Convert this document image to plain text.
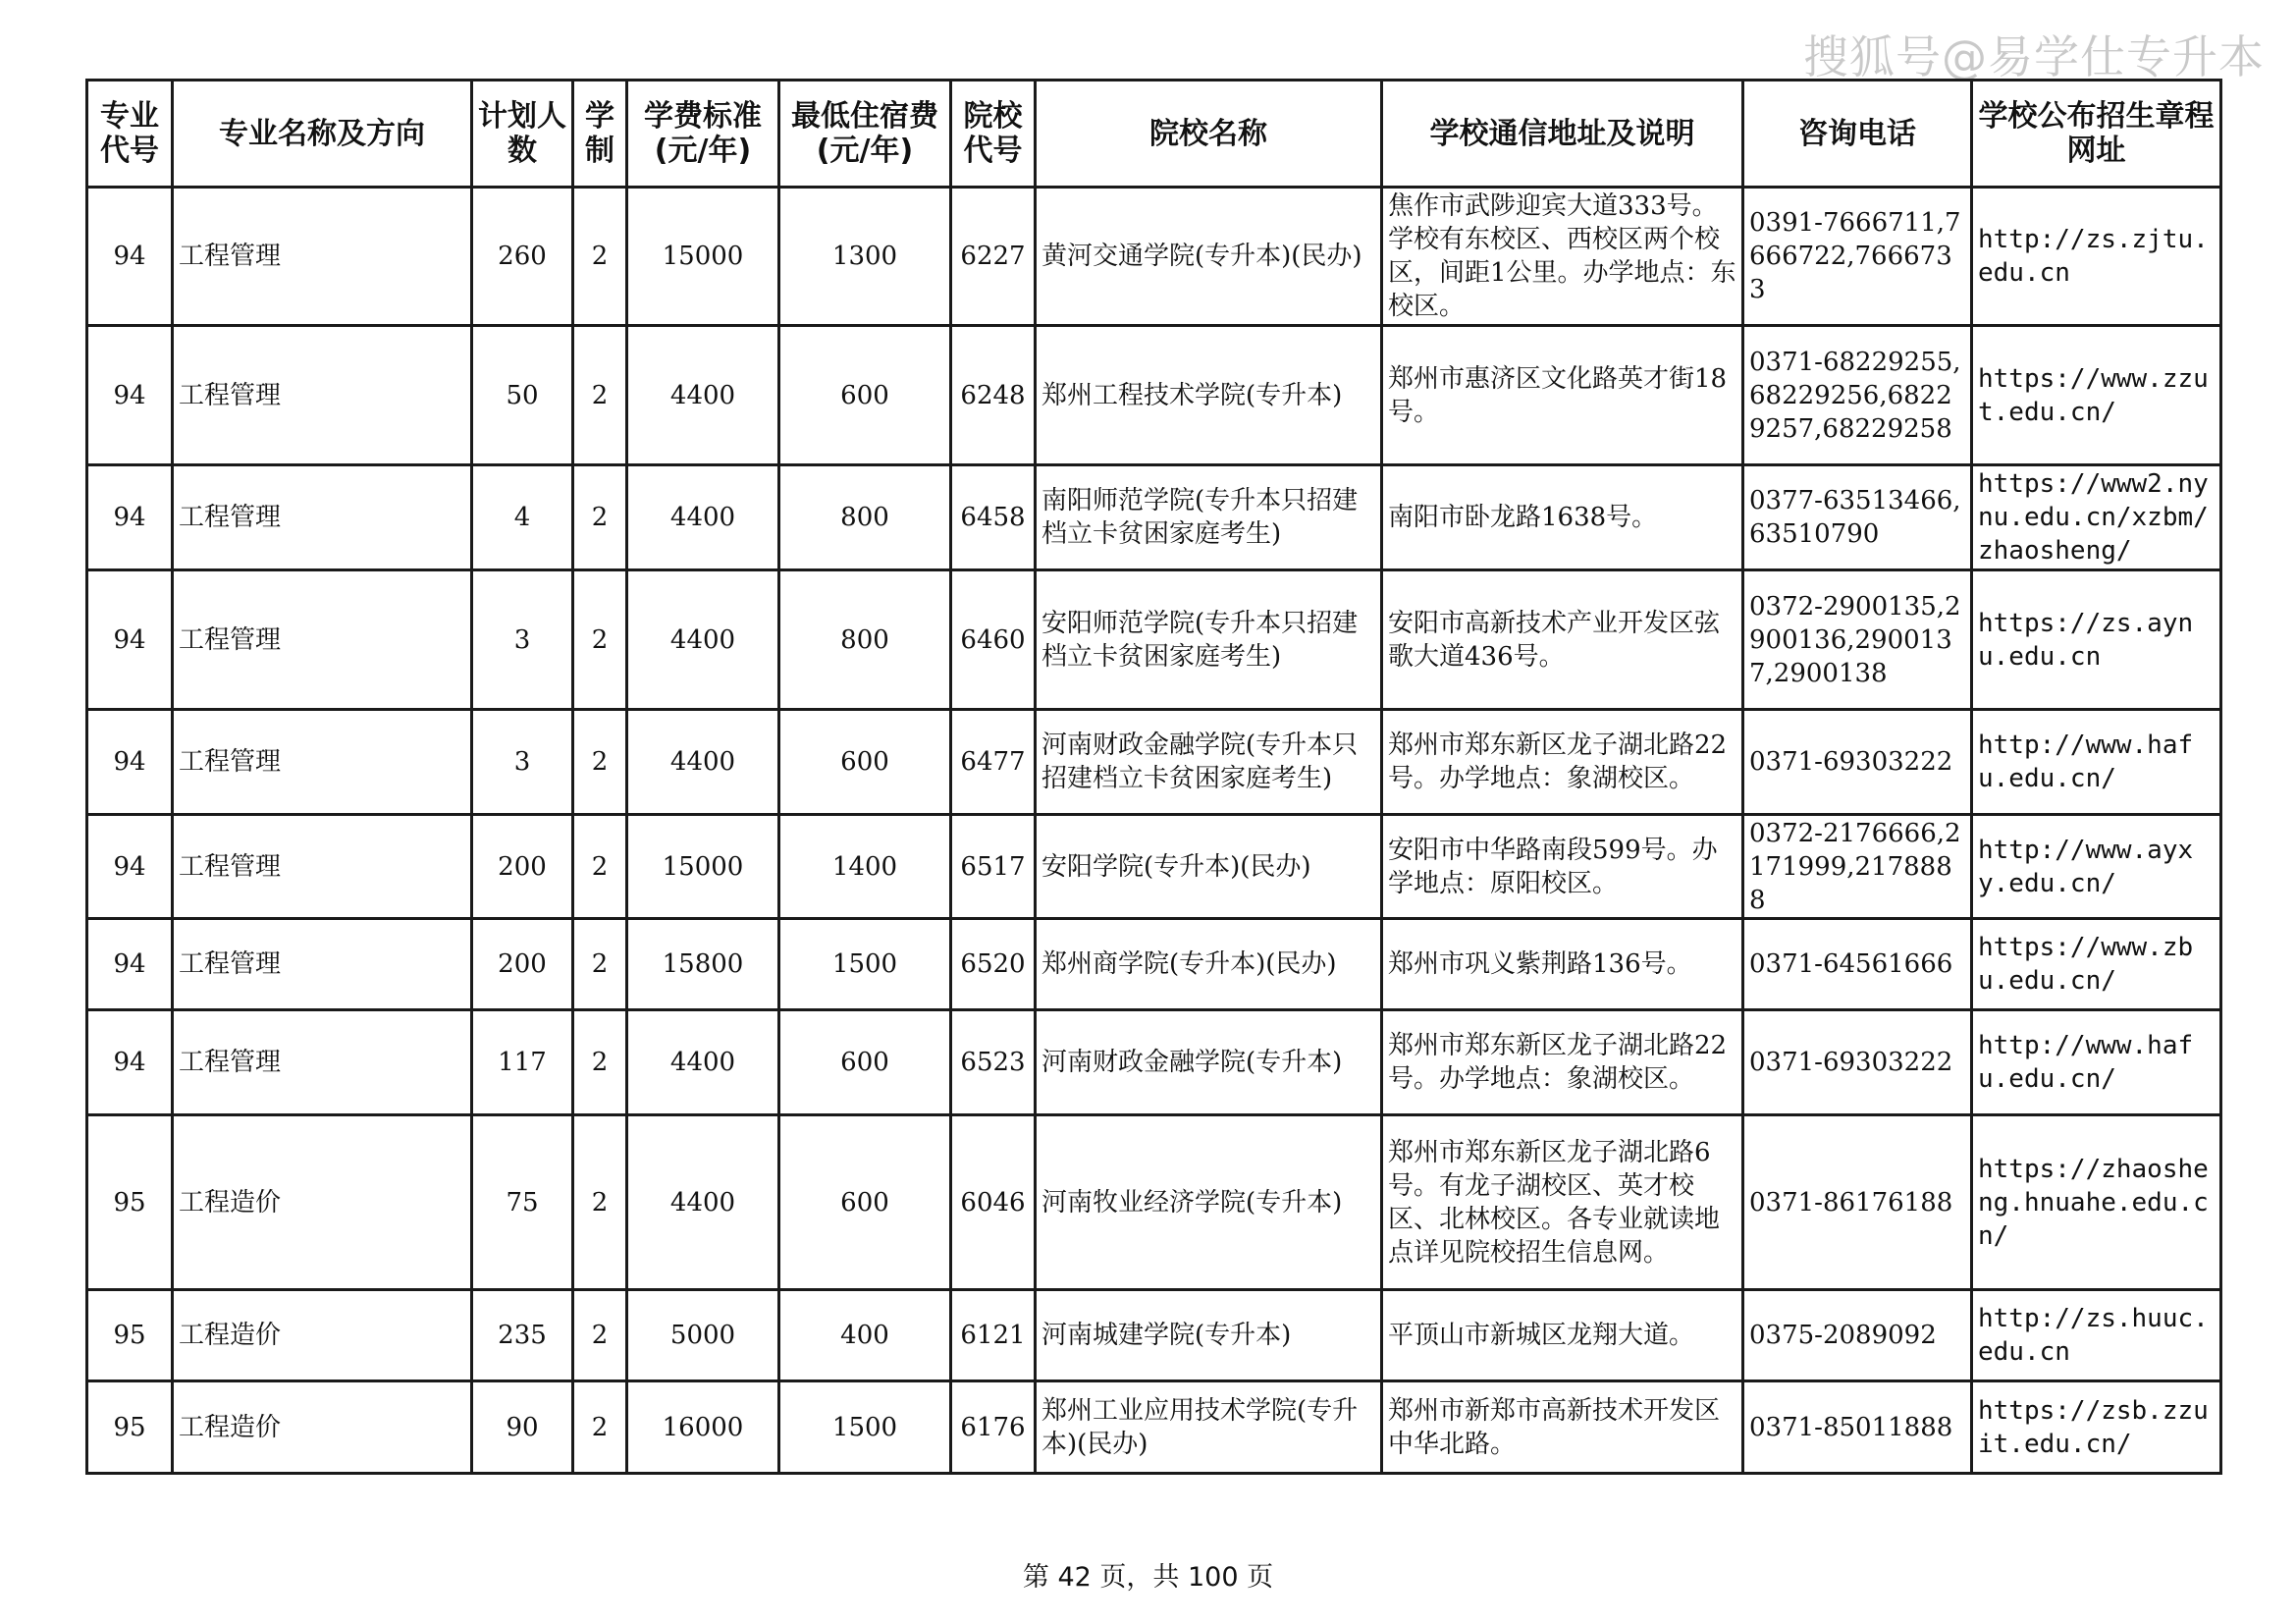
搜狐号@易学仕专升本
专业代号	专业名称及方向	计划人数	学制	学费标准(元/年)	最低住宿费(元/年)	院校代号	院校名称	学校通信地址及说明	咨询电话	学校公布招生章程网址
94	工程管理	260	2	15000	1300	6227	黄河交通学院(专升本)(民办)	焦作市武陟迎宾大道333号。学校有东校区、西校区两个校区，间距1公里。办学地点：东校区。	0391-7666711,7666722,7666733	http://zs.zjtu.edu.cn
94	工程管理	50	2	4400	600	6248	郑州工程技术学院(专升本)	郑州市惠济区文化路英才街18号。	0371-68229255,68229256,68229257,68229258	https://www.zzut.edu.cn/
94	工程管理	4	2	4400	800	6458	南阳师范学院(专升本只招建档立卡贫困家庭考生)	南阳市卧龙路1638号。	0377-63513466,63510790	https://www2.nynu.edu.cn/xzbm/zhaosheng/
94	工程管理	3	2	4400	800	6460	安阳师范学院(专升本只招建档立卡贫困家庭考生)	安阳市高新技术产业开发区弦歌大道436号。	0372-2900135,2900136,2900137,2900138	https://zs.aynu.edu.cn
94	工程管理	3	2	4400	600	6477	河南财政金融学院(专升本只招建档立卡贫困家庭考生)	郑州市郑东新区龙子湖北路22号。办学地点：象湖校区。	0371-69303222	http://www.hafu.edu.cn/
94	工程管理	200	2	15000	1400	6517	安阳学院(专升本)(民办)	安阳市中华路南段599号。办学地点：原阳校区。	0372-2176666,2171999,2178888	http://www.ayxy.edu.cn/
94	工程管理	200	2	15800	1500	6520	郑州商学院(专升本)(民办)	郑州市巩义紫荆路136号。	0371-64561666	https://www.zbu.edu.cn/
94	工程管理	117	2	4400	600	6523	河南财政金融学院(专升本)	郑州市郑东新区龙子湖北路22号。办学地点：象湖校区。	0371-69303222	http://www.hafu.edu.cn/
95	工程造价	75	2	4400	600	6046	河南牧业经济学院(专升本)	郑州市郑东新区龙子湖北路6号。有龙子湖校区、英才校区、北林校区。各专业就读地点详见院校招生信息网。	0371-86176188	https://zhaosheng.hnuahe.edu.cn/
95	工程造价	235	2	5000	400	6121	河南城建学院(专升本)	平顶山市新城区龙翔大道。	0375-2089092	http://zs.huuc.edu.cn
95	工程造价	90	2	16000	1500	6176	郑州工业应用技术学院(专升本)(民办)	郑州市新郑市高新技术开发区中华北路。	0371-85011888	https://zsb.zzuit.edu.cn/
第 42 页，共 100 页
